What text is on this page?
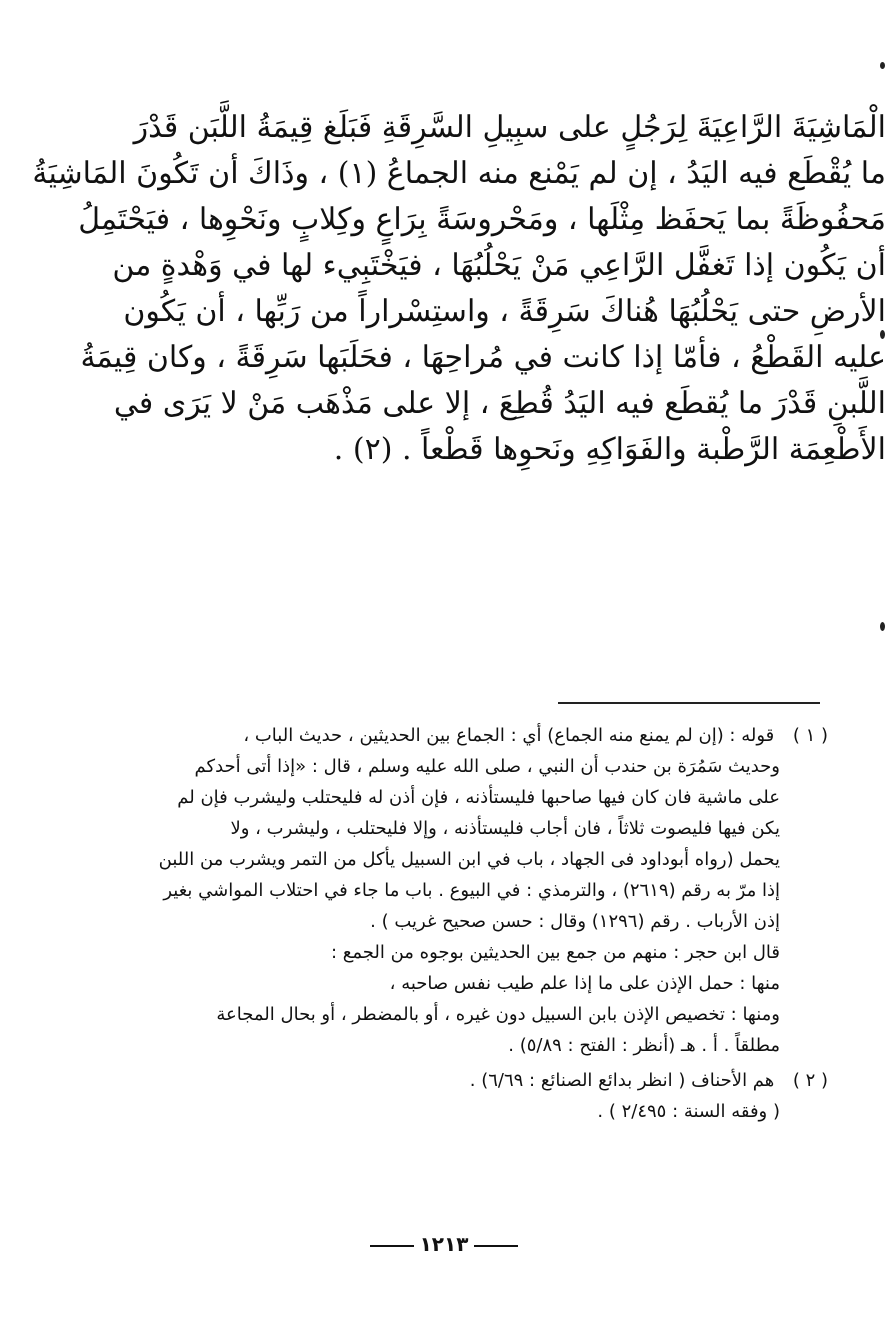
الْمَاشِيَةَ الرَّاعِيَةَ لِرَجُلٍ على سبِيلِ السَّرِقَةِ فَبَلَغ قِيمَةُ اللَّبَن قَدْرَ
ما يُقْطَع فيه اليَدُ ، إن لم يَمْنع منه الجماعُ (١) ، وذَاكَ أن تَكُونَ المَاشِيَةُ
مَحفُوظَةً بما يَحفَظ مِثْلَها ، ومَحْروسَةً بِرَاعٍ وكِلابٍ ونَحْوِها ، فيَحْتَمِلُ
أن يَكُون إذا تَغفَّل الرَّاعِي مَنْ يَحْلُبُهَا ، فيَخْتَبِيء لها في وَهْدةٍ من
الأرضِ حتى يَحْلُبُهَا هُناكَ سَرِقَةً ، واستِسْراراً من رَبِّها ، أن يَكُون
عليه القَطْعُ ، فأمّا إذا كانت في مُراحِهَا ، فحَلَبَها سَرِقَةً ، وكان قِيمَةُ
اللَّبنِ قَدْرَ ما يُقطَع فيه اليَدُ قُطِعَ ، إلا على مَذْهَب مَنْ لا يَرَى في
الأَطْعِمَة الرَّطْبة والفَوَاكِهِ ونَحوِها قَطْعاً . (٢) .
( ١ ) قوله : (إن لم يمنع منه الجماع) أي : الجماع بين الحديثين ، حديث الباب ،
وحديث سَمُرَة بن حندب أن النبي ، صلى الله عليه وسلم ، قال : «إذا أتى أحدكم
على ماشية فان كان فيها صاحبها فليستأذنه ، فإن أذن له فليحتلب وليشرب فإن لم
يكن فيها فليصوت ثلاثاً ، فان أجاب فليستأذنه ، وإلا فليحتلب ، وليشرب ، ولا
يحمل (رواه أبوداود فى الجهاد ، باب في ابن السبيل يأكل من التمر ويشرب من اللبن
إذا مرّ به رقم (٢٦١٩) ، والترمذي : في البيوع . باب ما جاء في احتلاب المواشي بغير
إذن الأرباب . رقم (١٢٩٦) وقال : حسن صحيح غريب ) .
قال ابن حجر : منهم من جمع بين الحديثين بوجوه من الجمع :
منها : حمل الإذن على ما إذا علم طيب نفس صاحبه ،
ومنها : تخصيص الإذن بابن السبيل دون غيره ، أو بالمضطر ، أو بحال المجاعة
مطلقاً . أ . هـ (أنظر : الفتح : ٥/٨٩) .
( ٢ ) هم الأحناف ( انظر بدائع الصنائع : ٦/٦٩) .
( وفقه السنة : ٢/٤٩٥ ) .
١٢١٣
